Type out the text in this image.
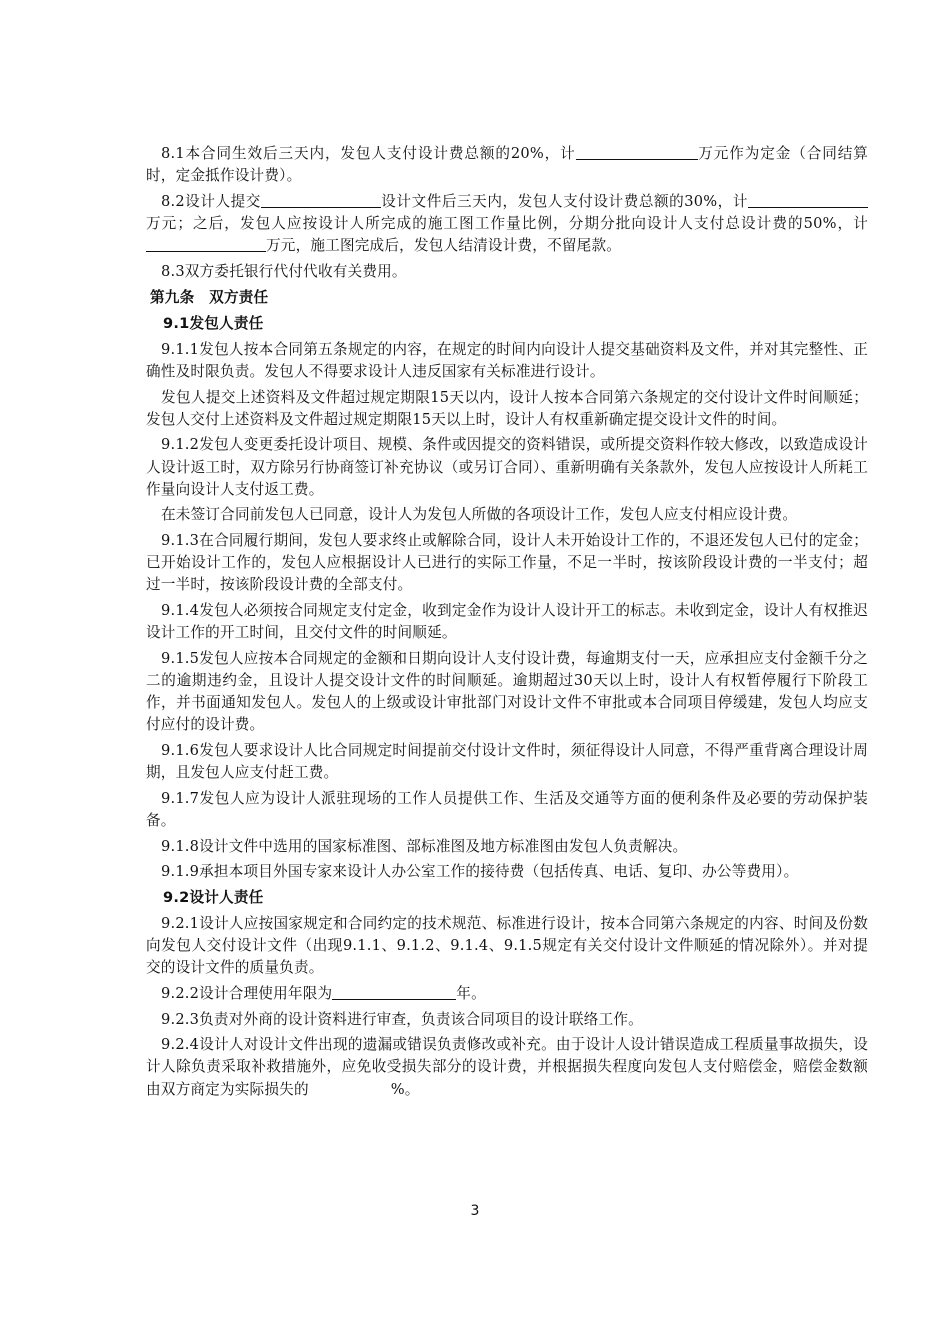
8.1本合同生效后三天内，发包人支付设计费总额的20%，计	万元作为定金（合同结算时，定金抵作设计费）。

8.2设计人提交	设计文件后三天内，发包人支付设计费总额的30%，计万元；之后，发包人应按设计人所完成的施工图工作量比例，分期分批向设计人支付总设计费的50%，计万元，施工图完成后，发包人结清设计费，不留尾款。

8.3双方委托银行代付代收有关费用。

第九条　双方责任

9.1发包人责任

9.1.1发包人按本合同第五条规定的内容，在规定的时间内向设计人提交基础资料及文件，并对其完整性、正确性及时限负责。发包人不得要求设计人违反国家有关标准进行设计。

发包人提交上述资料及文件超过规定期限15天以内，设计人按本合同第六条规定的交付设计文件时间顺延；发包人交付上述资料及文件超过规定期限15天以上时，设计人有权重新确定提交设计文件的时间。

9.1.2发包人变更委托设计项目、规模、条件或因提交的资料错误，或所提交资料作较大修改，以致造成设计人设计返工时，双方除另行协商签订补充协议（或另订合同）、重新明确有关条款外，发包人应按设计人所耗工作量向设计人支付返工费。

在未签订合同前发包人已同意，设计人为发包人所做的各项设计工作，发包人应支付相应设计费。

9.1.3在合同履行期间，发包人要求终止或解除合同，设计人未开始设计工作的，不退还发包人已付的定金；已开始设计工作的，发包人应根据设计人已进行的实际工作量，不足一半时，按该阶段设计费的一半支付；超过一半时，按该阶段设计费的全部支付。

9.1.4发包人必须按合同规定支付定金，收到定金作为设计人设计开工的标志。未收到定金，设计人有权推迟设计工作的开工时间，且交付文件的时间顺延。

9.1.5发包人应按本合同规定的金额和日期向设计人支付设计费，每逾期支付一天，应承担应支付金额千分之二的逾期违约金，且设计人提交设计文件的时间顺延。逾期超过30天以上时，设计人有权暂停履行下阶段工作，并书面通知发包人。发包人的上级或设计审批部门对设计文件不审批或本合同项目停缓建，发包人均应支付应付的设计费。

9.1.6发包人要求设计人比合同规定时间提前交付设计文件时，须征得设计人同意，不得严重背离合理设计周期，且发包人应支付赶工费。

9.1.7发包人应为设计人派驻现场的工作人员提供工作、生活及交通等方面的便利条件及必要的劳动保护装备。

9.1.8设计文件中选用的国家标准图、部标准图及地方标准图由发包人负责解决。

9.1.9承担本项目外国专家来设计人办公室工作的接待费（包括传真、电话、复印、办公等费用）。

9.2设计人责任

9.2.1设计人应按国家规定和合同约定的技术规范、标准进行设计，按本合同第六条规定的内容、时间及份数向发包人交付设计文件（出现9.1.1、9.1.2、9.1.4、9.1.5规定有关交付设计文件顺延的情况除外）。并对提交的设计文件的质量负责。

9.2.2设计合理使用年限为	年。

9.2.3负责对外商的设计资料进行审查，负责该合同项目的设计联络工作。

9.2.4设计人对设计文件出现的遗漏或错误负责修改或补充。由于设计人设计错误造成工程质量事故损失，设计人除负责采取补救措施外，应免收受损失部分的设计费，并根据损失程度向发包人支付赔偿金，赔偿金数额由双方商定为实际损失的	%。

3
